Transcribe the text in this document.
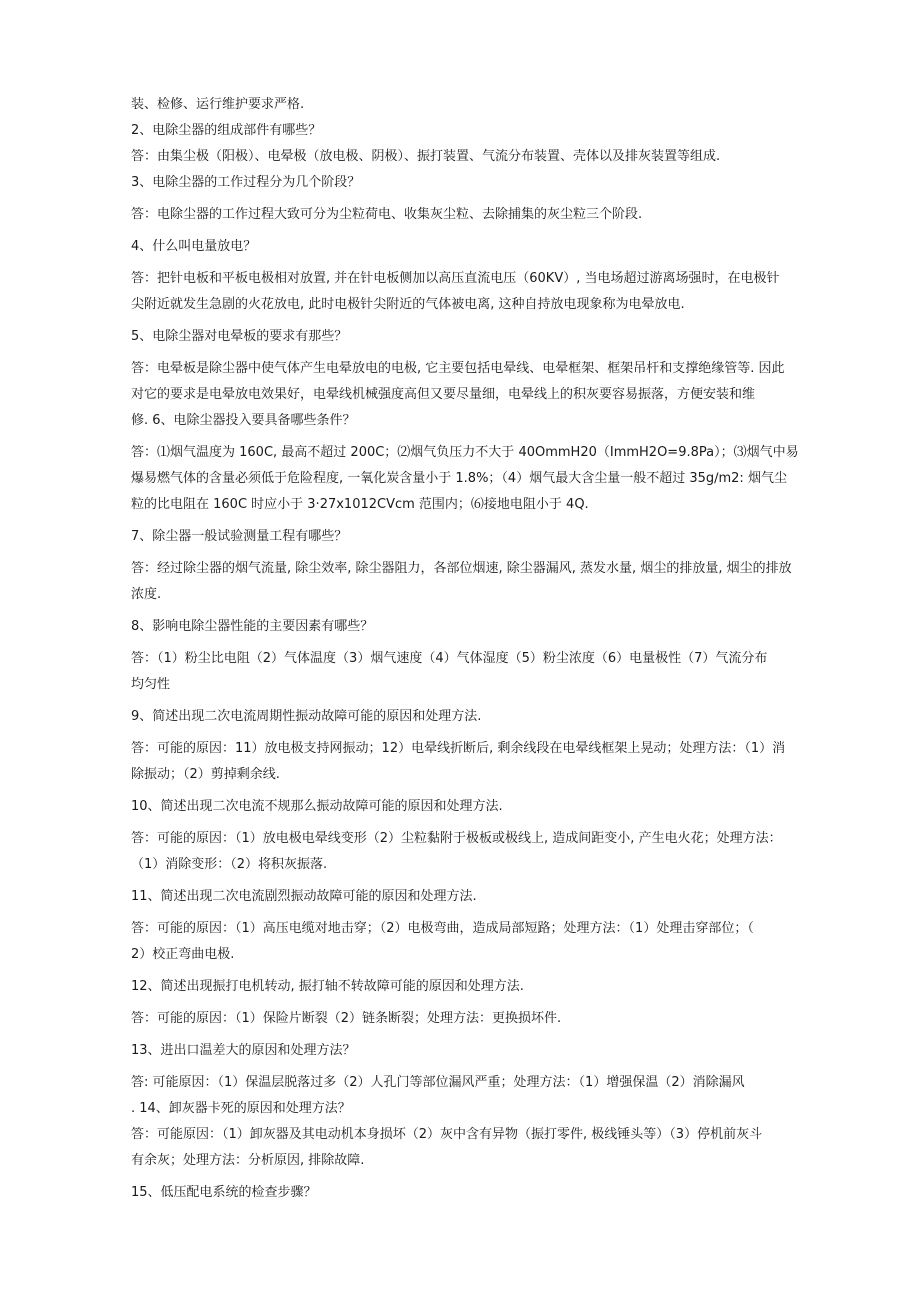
装、检修、运行维护要求严格.

2、电除尘器的组成部件有哪些？

答：由集尘极（阳极）、电晕极（放电极、阴极）、振打装置、气流分布装置、壳体以及排灰装置等组成.

3、电除尘器的工作过程分为几个阶段？

答：电除尘器的工作过程大致可分为尘粒荷电、收集灰尘粒、去除捕集的灰尘粒三个阶段.

4、什么叫电量放电？

答：把针电板和平板电极相对放置, 并在针电板侧加以高压直流电压（60KV）, 当电场超过游离场强时，在电极针

尖附近就发生急剧的火花放电, 此时电极针尖附近的气体被电离, 这种自持放电现象称为电晕放电.

5、电除尘器对电晕板的要求有那些？

答：电晕板是除尘器中使气体产生电晕放电的电极, 它主要包括电晕线、电晕框架、框架吊杆和支撑绝缘管等. 因此

对它的要求是电晕放电效果好，电晕线机械强度高但又要尽量细，电晕线上的积灰要容易振落，方便安装和维

修. 6、电除尘器投入要具备哪些条件？

答：⑴烟气温度为 160C, 最高不超过 200C；⑵烟气负压力不大于 40OmmH20（ImmH2O=9.8Pa）；⑶烟气中易

爆易燃气体的含量必须低于危险程度, 一氧化炭含量小于 1.8%；（4）烟气最大含尘量一般不超过 35g∕m2: 烟气尘

粒的比电阻在 160C 时应小于 3·27x1012CVcm 范围内；⑹接地电阻小于 4Q.

7、除尘器一般试验测量工程有哪些？

答：经过除尘器的烟气流量, 除尘效率, 除尘器阻力，各部位烟速, 除尘器漏风, 蒸发水量, 烟尘的排放量, 烟尘的排放

浓度.

8、影响电除尘器性能的主要因素有哪些？

答：（1）粉尘比电阻（2）气体温度（3）烟气速度（4）气体湿度（5）粉尘浓度（6）电量极性（7）气流分布

均匀性

9、简述出现二次电流周期性振动故障可能的原因和处理方法.

答：可能的原因：11）放电极支持网振动；12）电晕线折断后, 剩余线段在电晕线框架上晃动；处理方法：（1）消

除振动；（2）剪掉剩余线.

10、简述出现二次电流不规那么振动故障可能的原因和处理方法.

答：可能的原因：（1）放电极电晕线变形（2）尘粒黏附于极板或极线上, 造成间距变小, 产生电火花；处理方法：

（1）消除变形：（2）将积灰振落.

11、简述出现二次电流剧烈振动故障可能的原因和处理方法.

答：可能的原因：（1）高压电缆对地击穿；（2）电极弯曲，造成局部短路；处理方法：（1）处理击穿部位；（

2）校正弯曲电极.

12、简述出现振打电机转动, 振打轴不转故障可能的原因和处理方法.

答：可能的原因：（1）保险片断裂（2）链条断裂；处理方法：更换损坏件.

13、进出口温差大的原因和处理方法？

答: 可能原因：（1）保温层脱落过多（2）人孔门等部位漏风严重；处理方法：（1）增强保温（2）消除漏风

. 14、卸灰器卡死的原因和处理方法？

答：可能原因：（1）卸灰器及其电动机本身损坏（2）灰中含有异物（振打零件, 极线锤头等）（3）停机前灰斗

有余灰；处理方法：分析原因, 排除故障.

15、低压配电系统的检查步骤？
